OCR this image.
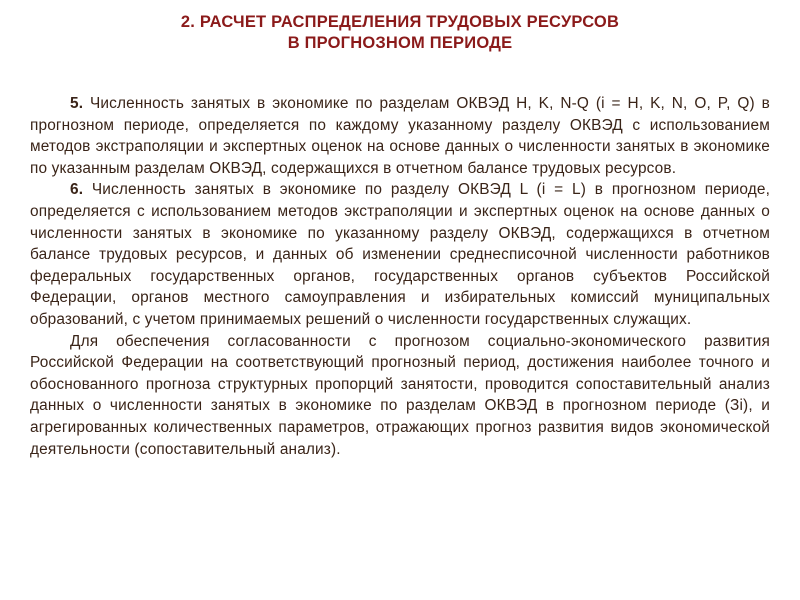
2. РАСЧЕТ РАСПРЕДЕЛЕНИЯ ТРУДОВЫХ РЕСУРСОВ
В ПРОГНОЗНОМ ПЕРИОДЕ

5. Численность занятых в экономике по разделам ОКВЭД H, K, N-Q (i = H, K, N, O, P, Q) в прогнозном периоде, определяется по каждому указанному разделу ОКВЭД с использованием методов экстраполяции и экспертных оценок на основе данных о численности занятых в экономике по указанным разделам ОКВЭД, содержащихся в отчетном балансе трудовых ресурсов.

6. Численность занятых в экономике по разделу ОКВЭД L (i = L) в прогнозном периоде, определяется с использованием методов экстраполяции и экспертных оценок на основе данных о численности занятых в экономике по указанному разделу ОКВЭД, содержащихся в отчетном балансе трудовых ресурсов, и данных об изменении среднесписочной численности работников федеральных государственных органов, государственных органов субъектов Российской Федерации, органов местного самоуправления и избирательных комиссий муниципальных образований, с учетом принимаемых решений о численности государственных служащих.

Для обеспечения согласованности с прогнозом социально-экономического развития Российской Федерации на соответствующий прогнозный период, достижения наиболее точного и обоснованного прогноза структурных пропорций занятости, проводится сопоставительный анализ данных о численности занятых в экономике по разделам ОКВЭД в прогнозном периоде (Зi), и агрегированных количественных параметров, отражающих прогноз развития видов экономической деятельности (сопоставительный анализ).
